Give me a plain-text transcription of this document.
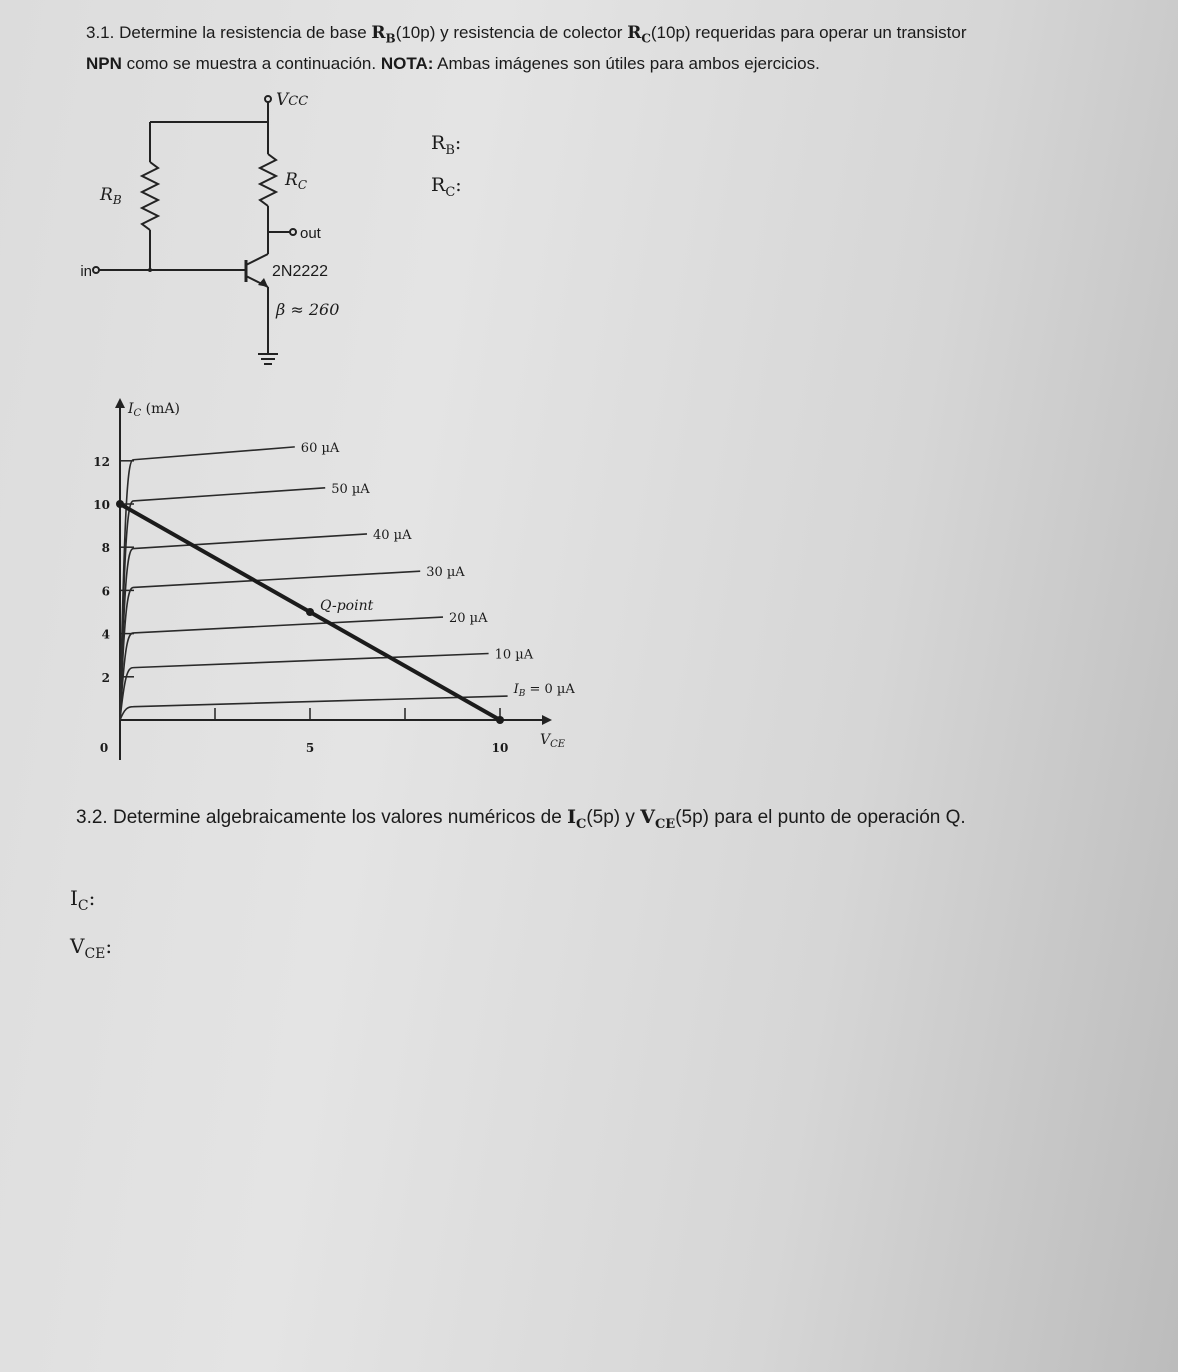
3.1. Determine la resistencia de base $R_B(10p)$ y resistencia de colector $R_C(10p)$ requeridas para operar un transistor
NPN como se muestra a continuación. NOTA: Ambas imágenes son útiles para ambos ejercicios.
$R_B$:
$R_C$:
VCC
$R_C$
$R_B$
out
in	2N2222
β ≈ 260
$I_C$ (mA)
$V_{CE}$
2
4
6
8
10
12
0	5	10
$I_B = 0$ µA
10 µA
20 µA
30 µA
40 µA
50 µA
60 µA
Q-point
3.2. Determine algebraicamente los valores numéricos de $I_C(5p)$ y $V_{CE}(5p)$ para el punto de operación Q.
$I_C$:
$V_{CE}$:
